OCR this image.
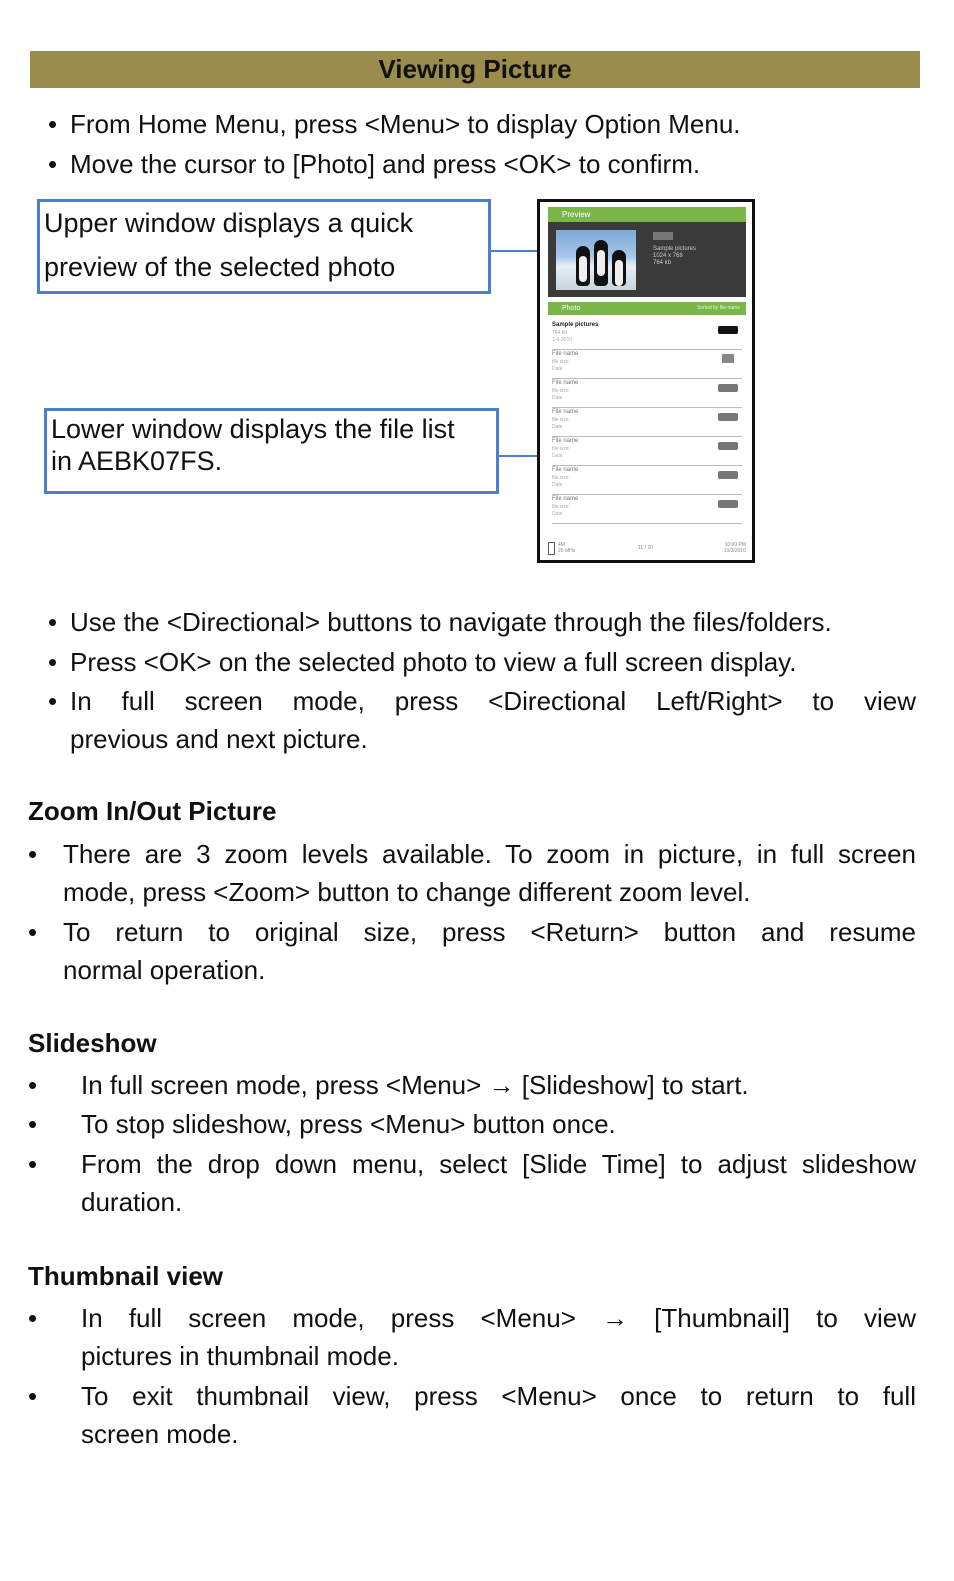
Viewing Picture
• From Home Menu, press <Menu> to display Option Menu.
• Move the cursor to [Photo] and press <OK> to confirm.
Upper window displays a quick
preview of the selected photo
Lower window displays the file list
in AEBK07FS.
Preview
Sample pictures
1024 x 768
764 kb
Photo	Sorted by file name
Sample pictures
764 kb
1-6-2010
File name
file size
Date
File name
file size
Date
File name
file size
Date
File name
file size
Date
File name
file size
Date
File name
file size
Date
4M
20 MHz	11 / 20	10:00 PM
10/3/2010
• Use the <Directional> buttons to navigate through the files/folders.
• Press <OK> on the selected photo to view a full screen display.
• In full screen mode, press <Directional Left/Right> to view
previous and next picture.
Zoom In/Out Picture
• There are 3 zoom levels available. To zoom in picture, in full screen
mode, press <Zoom> button to change different zoom level.
• To return to original size, press <Return> button and resume
normal operation.
Slideshow
• In full screen mode, press <Menu> → [Slideshow] to start.
• To stop slideshow, press <Menu> button once.
• From the drop down menu, select [Slide Time] to adjust slideshow
duration.
Thumbnail view
• In full screen mode, press <Menu> → [Thumbnail] to view
pictures in thumbnail mode.
• To exit thumbnail view, press <Menu> once to return to full
screen mode.
